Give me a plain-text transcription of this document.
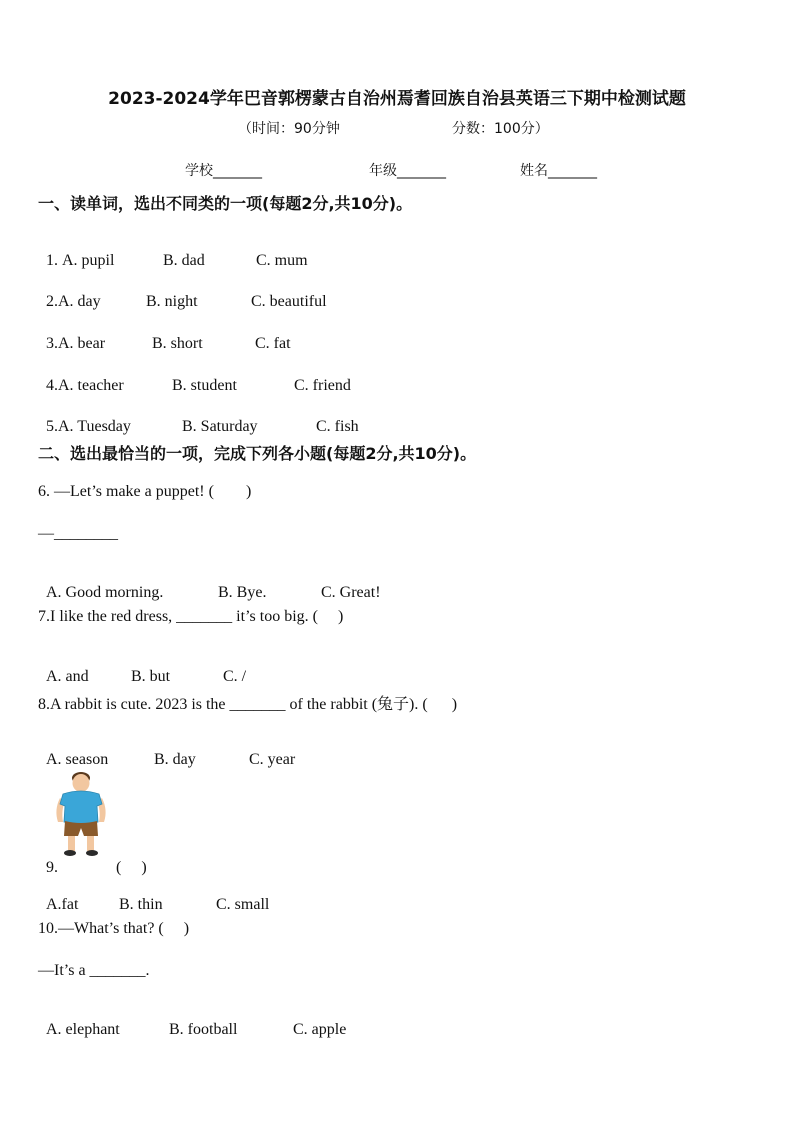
2023-2024学年巴音郭楞蒙古自治州焉耆回族自治县英语三下期中检测试题
（时间：90分钟	分数：100分）
学校_______	年级_______	姓名_______
一、读单词，选出不同类的一项(每题2分,共10分)。

1. A. pupil	B. dad	C. mum

2.A. day	B. night	C. beautiful

3.A. bear	B. short	C. fat

4.A. teacher	B. student	C. friend

5.A. Tuesday	B. Saturday	C. fish

二、选出最恰当的一项，完成下列各小题(每题2分,共10分)。
6. —Let’s make a puppet! (        )
—________

A. Good morning.	B. Bye.	C. Great!

7.I like the red dress, _______ it’s too big. (     )

A. and	B. but	C. /

8.A rabbit is cute. 2023 is the _______ of the rabbit (兔子). (      )

A. season	B. day	C. year

9.	(     )

A.fat	B. thin	C. small

10.—What’s that? (     )
—It’s a _______.

A. elephant	B. football	C. apple
